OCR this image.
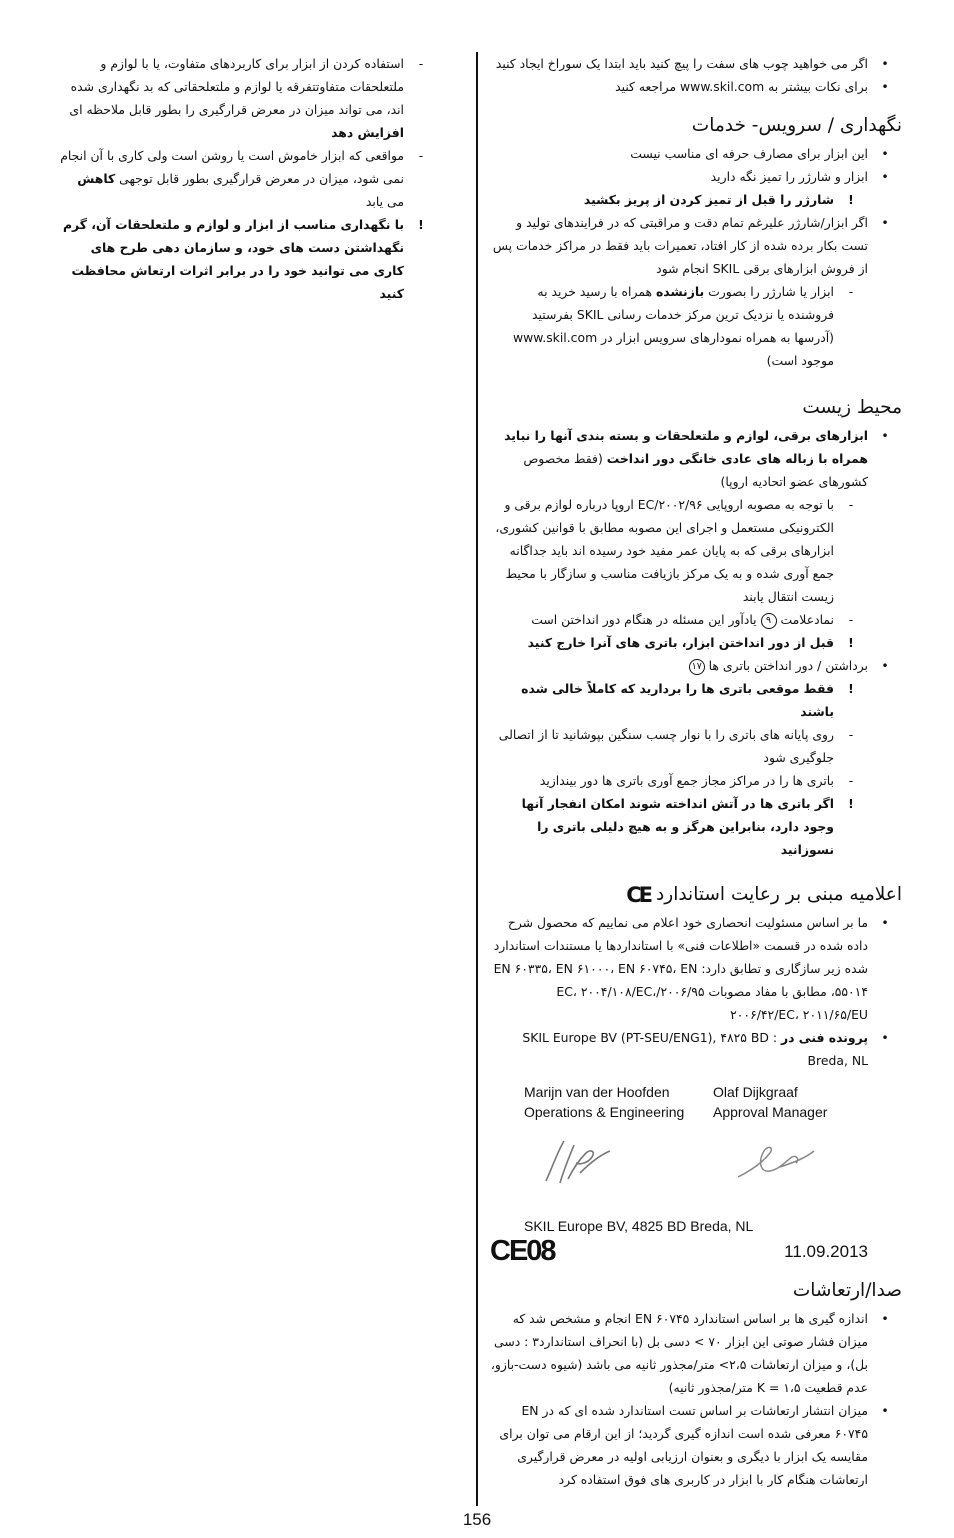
-
استفاده کردن از ابزار برای کاربردهای متفاوت، یا با لوازم و ملتعلحقات متفاوتتفرقه یا لوازم و ملتعلحقاتی که بد نگهداری شده اند، می تواند میزان در معرض قرارگیری را بطور قابل ملاحظه ای افزایش دهد
-
مواقعی که ابزار خاموش است یا روشن است ولی کاری با آن انجام نمی شود، میزان در معرض قرارگیری بطور قابل توجهی کاهش می یابد
!
با نگهداری مناسب از ابزار و لوازم و ملتعلحقات آن، گرم نگهداشتن دست های خود، و سازمان دهی طرح های کاری می توانید خود را در برابر اثرات ارتعاش محافظت کنید
•
اگر می خواهید چوب های سفت را پیچ کنید باید ابتدا یک سوراخ ایجاد کنید
•
برای نکات بیشتر به www.skil.com مراجعه کنید
نگهداری / سرویس- خدمات
•
این ابزار برای مصارف حرفه ای مناسب نیست
•
ابزار و شارژر را تمیز نگه دارید
!
شارژر را قبل از تمیز کردن از پریز بکشید
•
اگر ابزار/شارژر علیرغم تمام دقت و مراقبتی که در فرایندهای تولید و تست بکار برده شده از کار افتاد، تعمیرات باید فقط در مراکز خدمات پس از فروش ابزارهای برقی SKIL انجام شود
-
ابزار یا شارژر را بصورت بازنشده همراه با رسید خرید به فروشنده یا نزدیک ترین مرکز خدمات رسانی SKIL بفرستید (آدرسها به همراه نمودارهای سرویس ابزار در www.skil.com موجود است)
محیط زیست
•
ابزارهای برقی، لوازم و ملتعلحقات و بسته بندی آنها را نباید همراه با زباله های عادی خانگی دور انداخت (فقط مخصوص کشورهای عضو اتحادیه اروپا)
-
با توجه به مصوبه اروپایی ۲۰۰۲/۹۶/EC اروپا درباره لوازم برقی و الکترونیکی مستعمل و اجرای این مصوبه مطابق با قوانین کشوری، ابزارهای برقی که به پایان عمر مفید خود رسیده اند باید جداگانه جمع آوری شده و به یک مرکز بازیافت مناسب و سازگار با محیط زیست انتقال یابند
-
نمادعلامت ۹ یادآور این مسئله در هنگام دور انداختن است
!
قبل از دور انداختن ابزار، باتری های آنرا خارج کنید
•
برداشتن / دور انداختن باتری ها ۱۷
!
فقط موقعی باتری ها را بردارید که کاملاً خالی شده باشند
-
روی پایانه های باتری را با نوار چسب سنگین بپوشانید تا از اتصالی جلوگیری شود
-
باتری ها را در مراکز مجاز جمع آوری باتری ها دور بیندازید
!
اگر باتری ها در آتش انداخته شوند امکان انفجار آنها وجود دارد، بنابراین هرگز و به هیچ دلیلی باتری را نسوزانید
اعلامیه مبنی بر رعایت استاندارد
CE
•
ما بر اساس مسئولیت انحصاری خود اعلام می نماییم که محصول شرح داده شده در قسمت «اطلاعات فنی» با استانداردها یا مستندات استاندارد شده زیر سازگاری و تطابق دارد: EN ۶۰۳۳۵، EN ۶۱۰۰۰، EN ۶۰۷۴۵، EN ۵۵۰۱۴، مطابق با مفاد مصوبات ۲۰۰۶/۹۵/EC، ۲۰۰۴/۱۰۸/EC، ۲۰۰۶/۴۲/EC، ۲۰۱۱/۶۵/EU
•
پرونده فنی در SKIL Europe BV (PT-SEU/ENG1), ۴۸۲۵ BD : Breda, NL
Marijn van der Hoofden
Operations & Engineering
Olaf Dijkgraaf
Approval Manager
SKIL Europe BV, 4825 BD Breda, NL
CE08	11.09.2013
صدا/ارتعاشات
•
اندازه گیری ها بر اساس استاندارد EN ۶۰۷۴۵ انجام و مشخص شد که میزان فشار صوتی این ابزار ۷۰ > دسی بل (با انحراف استاندارد۳ : دسی بل)، و میزان ارتعاشات ۲،۵> متر/مجذور ثانیه می باشد (شیوه دست-بازو، عدم قطعیت K = ۱،۵ متر/مجذور ثانیه)
•
میزان انتشار ارتعاشات بر اساس تست استاندارد شده ای که در EN ۶۰۷۴۵ معرفی شده است اندازه گیری گردید؛ از این ارقام می توان برای مقایسه یک ابزار با دیگری و بعنوان ارزیابی اولیه در معرض قرارگیری ارتعاشات هنگام کار با ابزار در کاربری های فوق استفاده کرد
156
